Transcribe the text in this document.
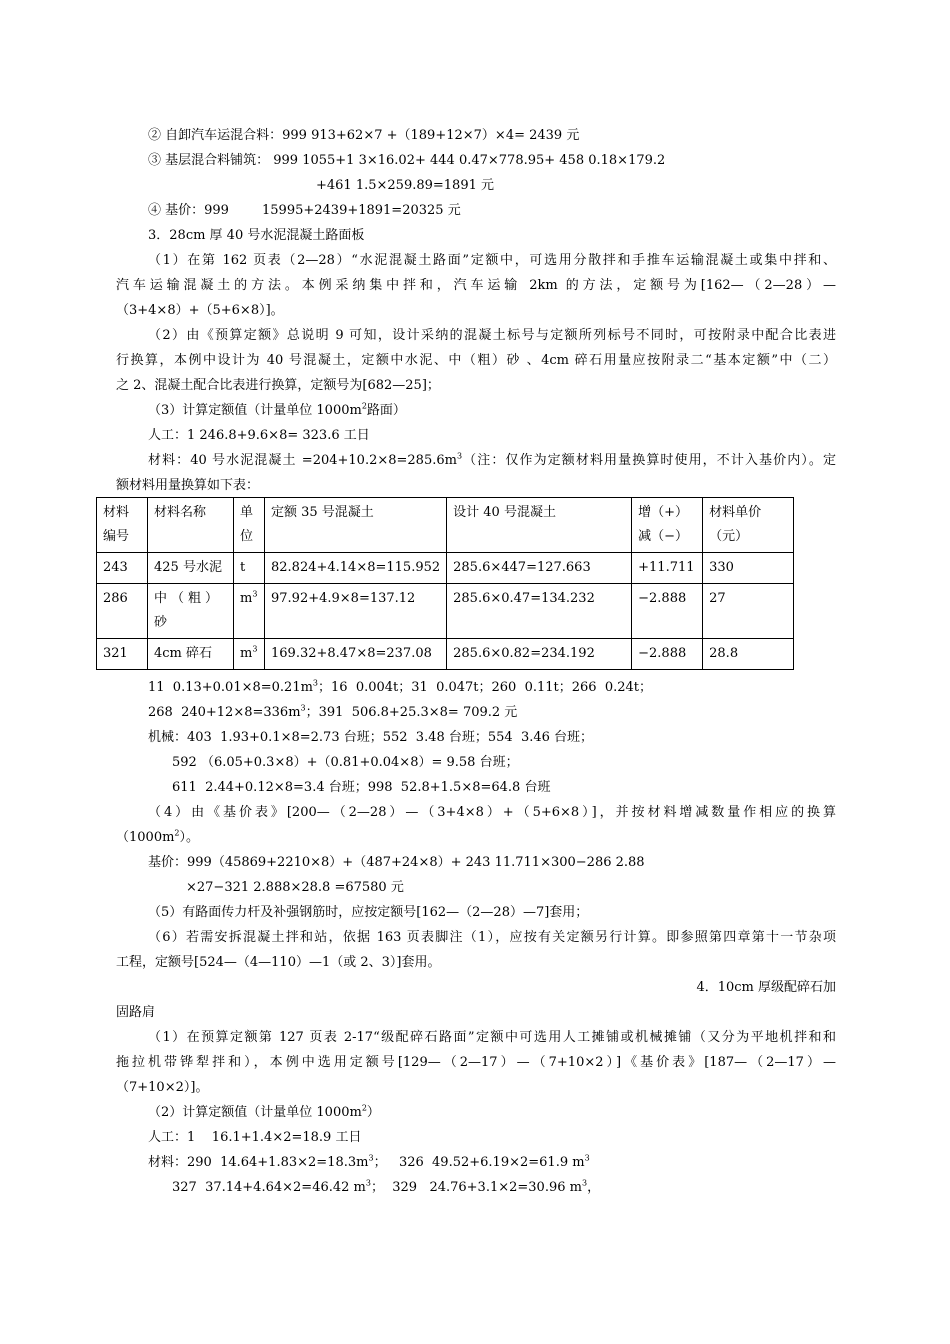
② 自卸汽车运混合料：999 913+62×7 +（189+12×7）×4= 2439 元
③ 基层混合料铺筑： 999 1055+1 3×16.02+ 444 0.47×778.95+ 458 0.18×179.2
+461 1.5×259.89=1891 元
④ 基价：999        15995+2439+1891=20325 元
3．28cm 厚 40 号水泥混凝土路面板
（1）在第 162 页表（2—28）“水泥混凝土路面”定额中，可选用分散拌和手推车运输混凝土或集中拌和、
汽车运输混凝土的方法。本例采纳集中拌和，汽车运输 2km 的方法，定额号为[162—（2—28）—
（3+4×8）+（5+6×8）]。
（2）由《预算定额》总说明 9 可知，设计采纳的混凝土标号与定额所列标号不同时，可按附录中配合比表进
行换算，本例中设计为 40 号混凝土，定额中水泥、中（粗）砂 、4cm 碎石用量应按附录二“基本定额”中（二）
之 2、混凝土配合比表进行换算，定额号为[682—25]；
（3）计算定额值（计量单位 $1000m^2$路面）
人工：1 246.8+9.6×8= 323.6 工日
材料：40 号水泥混凝土 $=204+10.2\times 8=285.6m^3$（注：仅作为定额材料用量换算时使用，不计入基价内）。定
额材料用量换算如下表：
材料编号	材料名称	单位	定额 35 号混凝土	设计 40 号混凝土	增（+）减（−）	材料单价（元）
243	425 号水泥	t	82.824+4.14×8=115.952	285.6×447=127.663	+11.711	330
286	中（粗）砂	$m^3$	97.92+4.9×8=137.12	285.6×0.47=134.232	−2.888	27
321	4cm 碎石	$m^3$	169.32+8.47×8=237.08	285.6×0.82=234.192	−2.888	28.8
11  $0.13+0.01\times 8=0.21m^3$；16  0.004t；31  0.047t；260  0.11t；266  0.24t；
268  $240+12\times 8=336m^3$；391  506.8+25.3×8= 709.2 元
机械：403  1.93+0.1×8=2.73 台班；552  3.48 台班；554  3.46 台班；
592 （6.05+0.3×8）+（0.81+0.04×8）= 9.58 台班；
611  2.44+0.12×8=3.4 台班；998  52.8+1.5×8=64.8 台班
（4）由《基价表》[200—（2—28）—（3+4×8）+（5+6×8）]，并按材料增减数量作相应的换算
$(1000m^2)$。
基价：999（45869+2210×8）+（487+24×8）+ 243 11.711×300−286 2.88
×27−321 2.888×28.8 =67580 元
（5）有路面传力杆及补强钢筋时，应按定额号[162—（2—28）—7]套用；
（6）若需安拆混凝土拌和站，依据 163 页表脚注（1），应按有关定额另行计算。即参照第四章第十一节杂项
工程，定额号[524—（4—110）—1（或 2、3）]套用。
4．10cm 厚级配碎石加
固路肩
（1）在预算定额第 127 页表 2-17“级配碎石路面”定额中可选用人工摊铺或机械摊铺（又分为平地机拌和和
拖拉机带铧犁拌和），本例中选用定额号[129—（2—17）—（7+10×2）]《基价表》[187—（2—17）—
（7+10×2）]。
（2）计算定额值（计量单位 $1000m^2$）
人工：1    16.1+1.4×2=18.9 工日
材料：290  $14.64+1.83\times 2=18.3m^3$；   326  49.52+6.19×2=61.9 $m^3$
327  37.14+4.64×2=46.42 $m^3$；  329   24.76+3.1×2=30.96 $m^3$，
